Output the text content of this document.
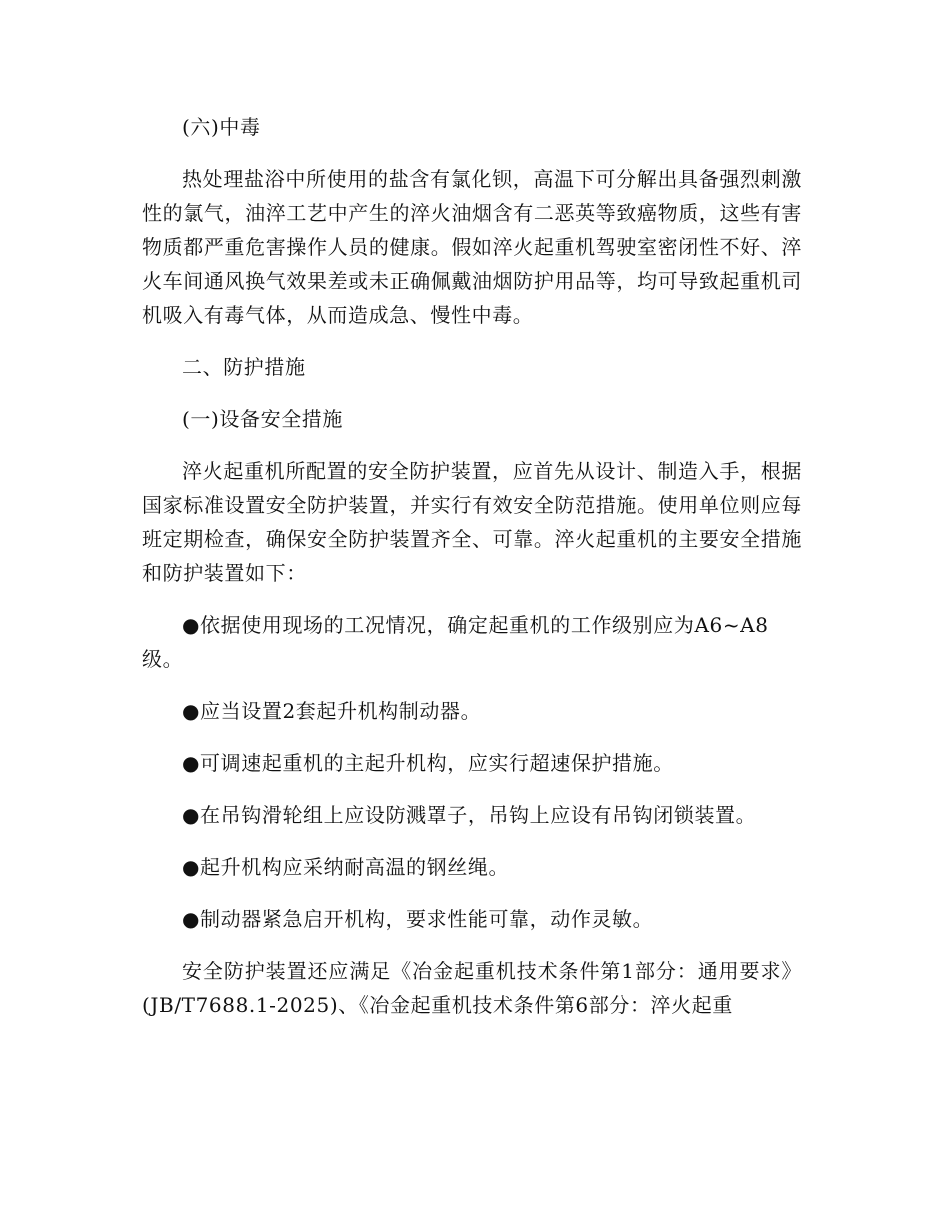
(六)中毒
热处理盐浴中所使用的盐含有氯化钡，高温下可分解出具备强烈刺激性的氯气，油淬工艺中产生的淬火油烟含有二恶英等致癌物质，这些有害物质都严重危害操作人员的健康。假如淬火起重机驾驶室密闭性不好、淬火车间通风换气效果差或未正确佩戴油烟防护用品等，均可导致起重机司机吸入有毒气体，从而造成急、慢性中毒。
二、防护措施
(一)设备安全措施
淬火起重机所配置的安全防护装置，应首先从设计、制造入手，根据国家标准设置安全防护装置，并实行有效安全防范措施。使用单位则应每班定期检查，确保安全防护装置齐全、可靠。淬火起重机的主要安全措施和防护装置如下：
●依据使用现场的工况情况，确定起重机的工作级别应为A6~A8级。
●应当设置2套起升机构制动器。
●可调速起重机的主起升机构，应实行超速保护措施。
●在吊钩滑轮组上应设防溅罩子，吊钩上应设有吊钩闭锁装置。
●起升机构应采纳耐高温的钢丝绳。
●制动器紧急启开机构，要求性能可靠，动作灵敏。
安全防护装置还应满足《冶金起重机技术条件第1部分：通用要求》(JB/T7688.1-2025)、《冶金起重机技术条件第6部分：淬火起重
